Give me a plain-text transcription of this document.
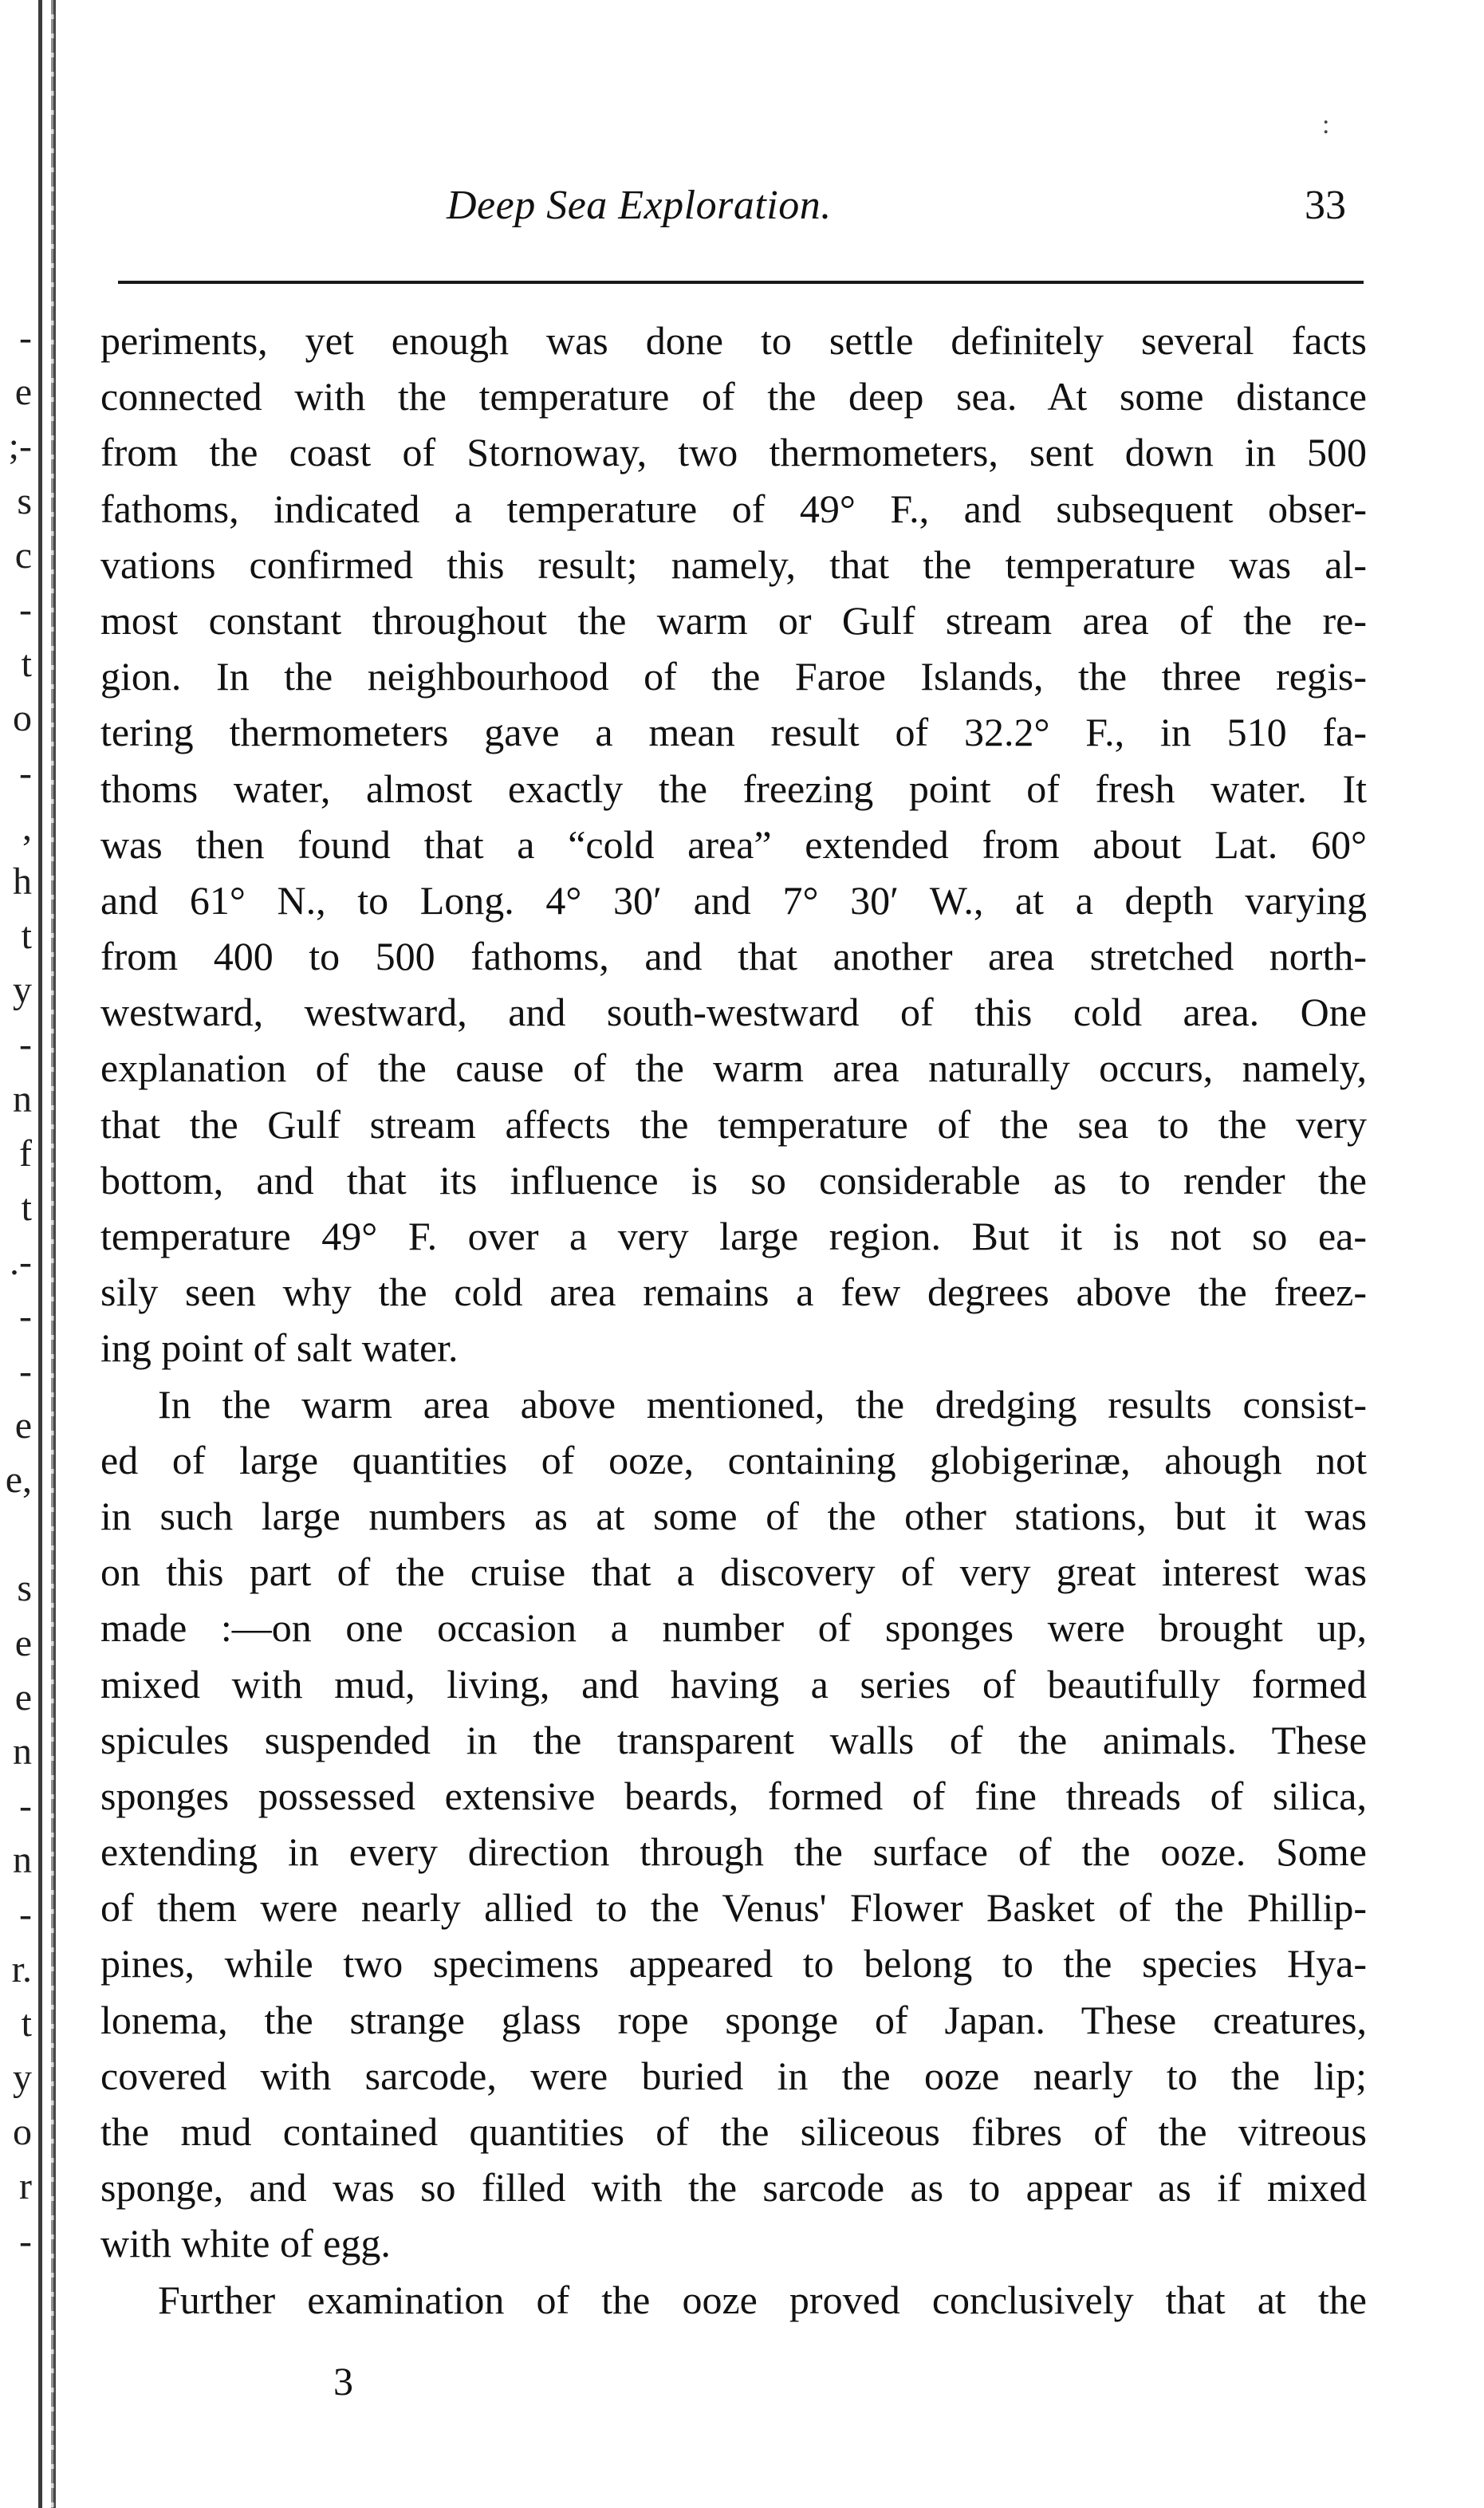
-
e
;-
s
c
-
t
o
-
,
h
t
y
-
n
f
t
.-
-
-
e
e,
s
e
e
n
-
n
-
r.
t
y
o
r
-
:
Deep Sea Exploration.	33
periments, yet enough was done to settle definitely several facts
connected with the temperature of the deep sea. At some distance
from the coast of Stornoway, two thermometers, sent down in 500
fathoms, indicated a temperature of 49° F., and subsequent obser-
vations confirmed this result; namely, that the temperature was al-
most constant throughout the warm or Gulf stream area of the re-
gion. In the neighbourhood of the Faroe Islands, the three regis-
tering thermometers gave a mean result of 32.2° F., in 510 fa-
thoms water, almost exactly the freezing point of fresh water. It
was then found that a “cold area” extended from about Lat. 60°
and 61° N., to Long. 4° 30′ and 7° 30′ W., at a depth varying
from 400 to 500 fathoms, and that another area stretched north-
westward, westward, and south-westward of this cold area. One
explanation of the cause of the warm area naturally occurs, namely,
that the Gulf stream affects the temperature of the sea to the very
bottom, and that its influence is so considerable as to render the
temperature 49° F. over a very large region. But it is not so ea-
sily seen why the cold area remains a few degrees above the freez-
ing point of salt water.
In the warm area above mentioned, the dredging results consist-
ed of large quantities of ooze, containing globigerinæ, ahough not
in such large numbers as at some of the other stations, but it was
on this part of the cruise that a discovery of very great interest was
made :—on one occasion a number of sponges were brought up,
mixed with mud, living, and having a series of beautifully formed
spicules suspended in the transparent walls of the animals. These
sponges possessed extensive beards, formed of fine threads of silica,
extending in every direction through the surface of the ooze. Some
of them were nearly allied to the Venus' Flower Basket of the Phillip-
pines, while two specimens appeared to belong to the species Hya-
lonema, the strange glass rope sponge of Japan. These creatures,
covered with sarcode, were buried in the ooze nearly to the lip;
the mud contained quantities of the siliceous fibres of the vitreous
sponge, and was so filled with the sarcode as to appear as if mixed
with white of egg.
Further examination of the ooze proved conclusively that at the
3
